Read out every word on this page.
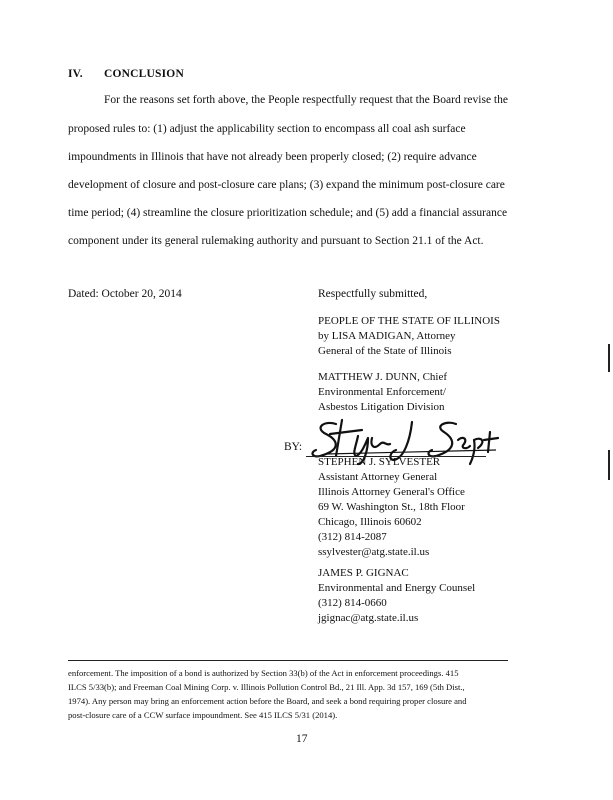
IV. CONCLUSION
For the reasons set forth above, the People respectfully request that the Board revise the
proposed rules to: (1) adjust the applicability section to encompass all coal ash surface
impoundments in Illinois that have not already been properly closed; (2) require advance
development of closure and post-closure care plans; (3) expand the minimum post-closure care
time period; (4) streamline the closure prioritization schedule; and (5) add a financial assurance
component under its general rulemaking authority and pursuant to Section 21.1 of the Act.
Dated: October 20, 2014	Respectfully submitted,
PEOPLE OF THE STATE OF ILLINOIS
by LISA MADIGAN, Attorney
General of the State of Illinois
MATTHEW J. DUNN, Chief
Environmental Enforcement/
Asbestos Litigation Division
BY:
STEPHEN J. SYLVESTER
Assistant Attorney General
Illinois Attorney General's Office
69 W. Washington St., 18th Floor
Chicago, Illinois 60602
(312) 814-2087
ssylvester@atg.state.il.us
JAMES P. GIGNAC
Environmental and Energy Counsel
(312) 814-0660
jgignac@atg.state.il.us
enforcement. The imposition of a bond is authorized by Section 33(b) of the Act in enforcement proceedings. 415
ILCS 5/33(b); and Freeman Coal Mining Corp. v. Illinois Pollution Control Bd., 21 Ill. App. 3d 157, 169 (5th Dist.,
1974). Any person may bring an enforcement action before the Board, and seek a bond requiring proper closure and
post-closure care of a CCW surface impoundment. See 415 ILCS 5/31 (2014).
17
